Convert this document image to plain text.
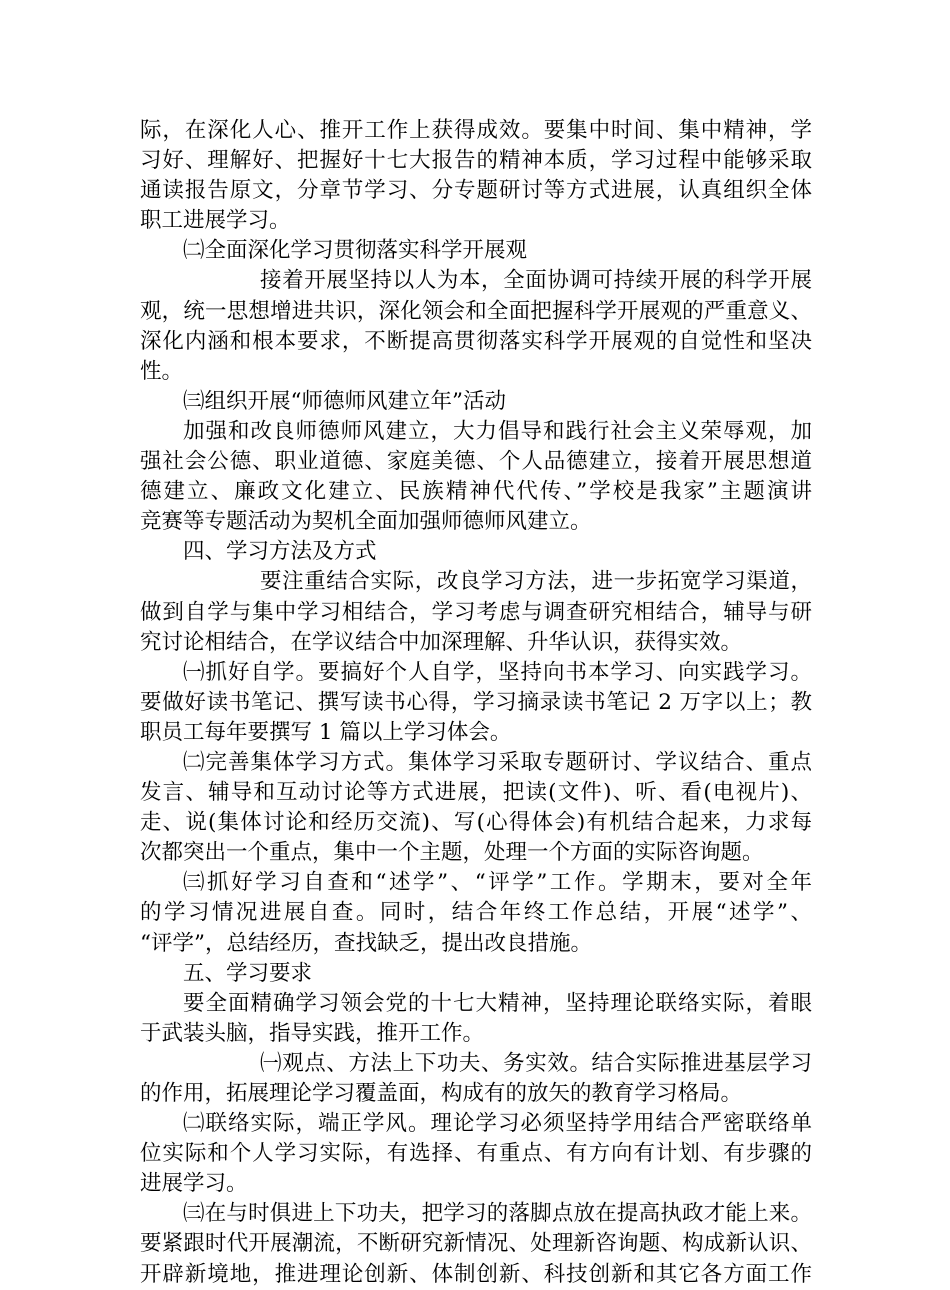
际，在深化人心、推开工作上获得成效。要集中时间、集中精神，学
习好、理解好、把握好十七大报告的精神本质，学习过程中能够采取
通读报告原文，分章节学习、分专题研讨等方式进展，认真组织全体
职工进展学习。
㈡全面深化学习贯彻落实科学开展观
接着开展坚持以人为本，全面协调可持续开展的科学开展
观，统一思想增进共识，深化领会和全面把握科学开展观的严重意义、
深化内涵和根本要求，不断提高贯彻落实科学开展观的自觉性和坚决
性。
㈢组织开展“师德师风建立年”活动
加强和改良师德师风建立，大力倡导和践行社会主义荣辱观，加
强社会公德、职业道德、家庭美德、个人品德建立，接着开展思想道
德建立、廉政文化建立、民族精神代代传、”学校是我家”主题演讲
竞赛等专题活动为契机全面加强师德师风建立。
四、学习方法及方式
要注重结合实际，改良学习方法，进一步拓宽学习渠道，
做到自学与集中学习相结合，学习考虑与调查研究相结合，辅导与研
究讨论相结合，在学议结合中加深理解、升华认识，获得实效。
㈠抓好自学。要搞好个人自学，坚持向书本学习、向实践学习。
要做好读书笔记、撰写读书心得，学习摘录读书笔记 2 万字以上；教
职员工每年要撰写 1 篇以上学习体会。
㈡完善集体学习方式。集体学习采取专题研讨、学议结合、重点
发言、辅导和互动讨论等方式进展，把读(文件)、听、看(电视片)、
走、说(集体讨论和经历交流)、写(心得体会)有机结合起来，力求每
次都突出一个重点，集中一个主题，处理一个方面的实际咨询题。
㈢抓好学习自查和“述学”、“评学”工作。学期末，要对全年
的学习情况进展自查。同时，结合年终工作总结，开展“述学”、
“评学”，总结经历，查找缺乏，提出改良措施。
五、学习要求
要全面精确学习领会党的十七大精神，坚持理论联络实际，着眼
于武装头脑，指导实践，推开工作。
㈠观点、方法上下功夫、务实效。结合实际推进基层学习
的作用，拓展理论学习覆盖面，构成有的放矢的教育学习格局。
㈡联络实际，端正学风。理论学习必须坚持学用结合严密联络单
位实际和个人学习实际，有选择、有重点、有方向有计划、有步骤的
进展学习。
㈢在与时俱进上下功夫，把学习的落脚点放在提高执政才能上来。
要紧跟时代开展潮流，不断研究新情况、处理新咨询题、构成新认识、
开辟新境地，推进理论创新、体制创新、科技创新和其它各方面工作
